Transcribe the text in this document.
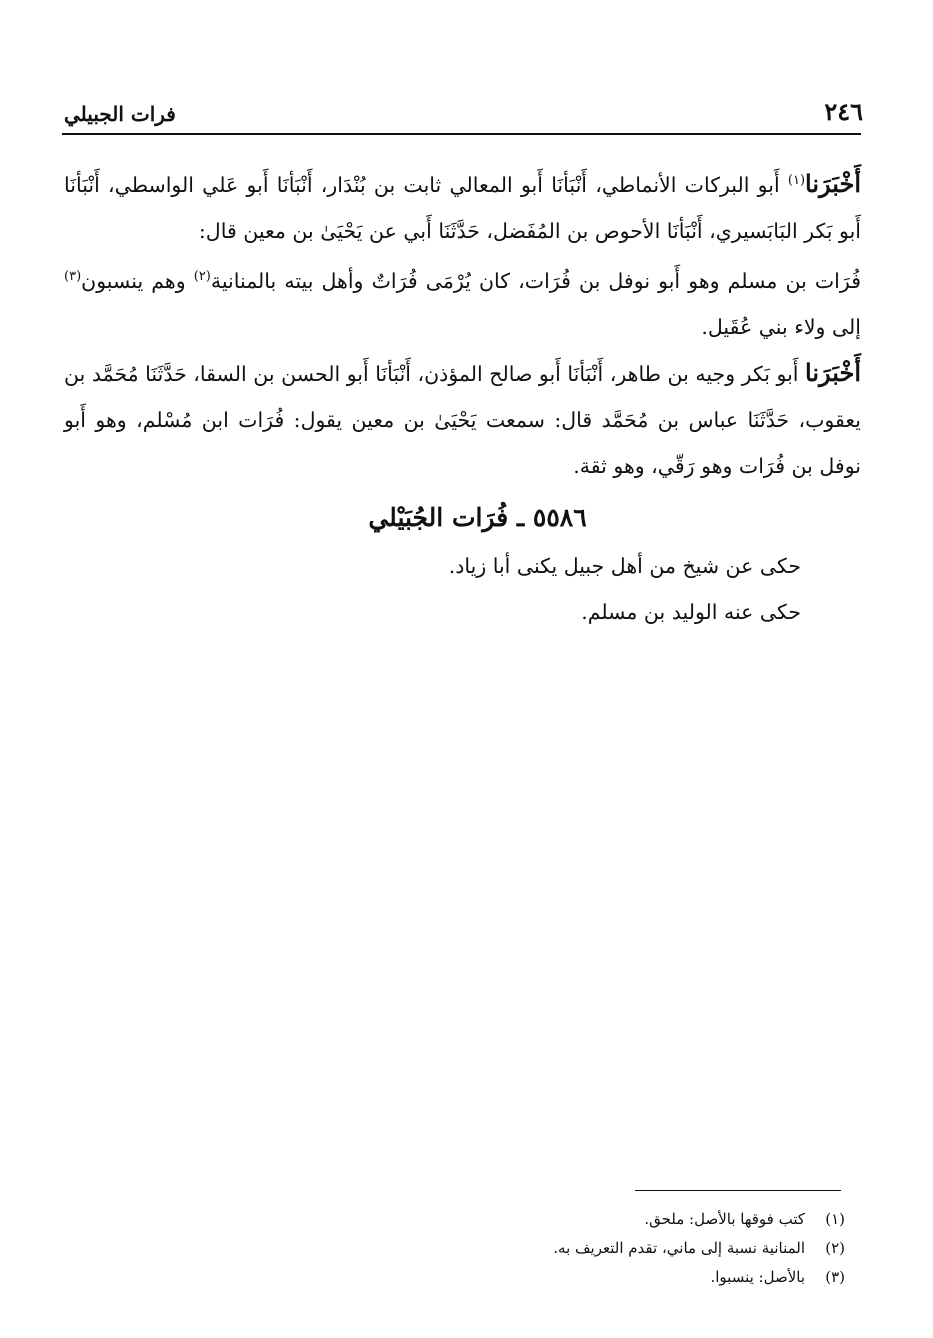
٢٤٦
فرات الجبيلي

أَخْبَرَنا$^{(١)}$ أَبو البركات الأنماطي، أَنْبَأنَا أَبو المعالي ثابت بن بُنْدَار، أَنْبَأنَا أَبو عَلي الواسطي، أَنْبَأنَا أَبو بَكر البَابَسيري، أَنْبَأنَا الأحوص بن المُفَضل، حَدَّثَنَا أَبي عن يَحْيَىٰ بن معين قال:

فُرَات بن مسلم وهو أَبو نوفل بن فُرَات، كان يُرْمَى فُرَاتٌ وأهل بيته بالمنانية$^{(٢)}$ وهم ينسبون$^{(٣)}$ إلى ولاء بني عُقَيل.

أَخْبَرَنا أَبو بَكر وجيه بن طاهر، أَنْبَأنَا أَبو صالح المؤذن، أَنْبَأنَا أَبو الحسن بن السقا، حَدَّثَنَا مُحَمَّد بن يعقوب، حَدَّثَنَا عباس بن مُحَمَّد قال: سمعت يَحْيَىٰ بن معين يقول: فُرَات ابن مُسْلم، وهو أَبو نوفل بن فُرَات وهو رَقّي، وهو ثقة.

٥٥٨٦ ـ فُرَات الجُبَيْلي

حكى عن شيخ من أهل جبيل يكنى أبا زياد.

حكى عنه الوليد بن مسلم.

(١)
كتب فوقها بالأصل: ملحق.
(٢)
المنانية نسبة إلى ماني، تقدم التعريف به.
(٣)
بالأصل: ينسبوا.
